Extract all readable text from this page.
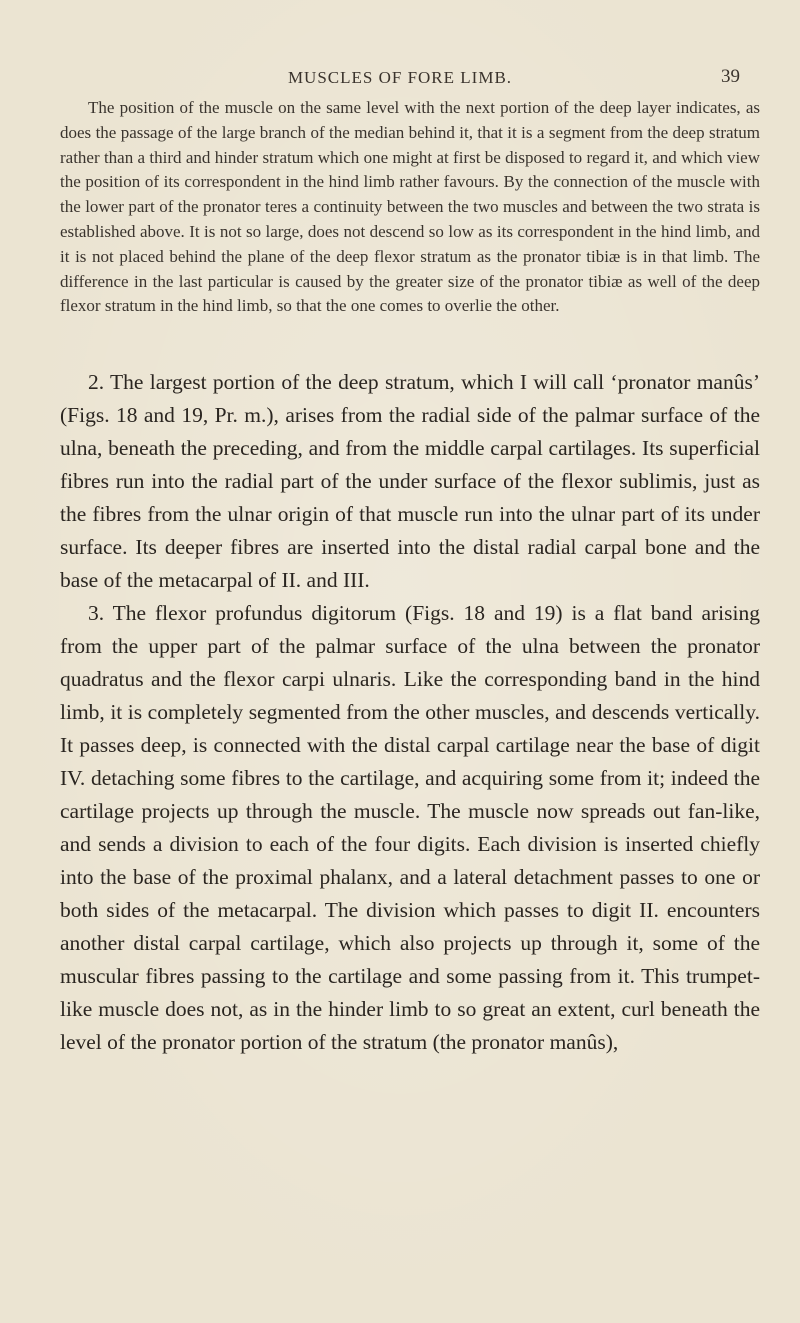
MUSCLES OF FORE LIMB.	39

The position of the muscle on the same level with the next portion of the deep layer indicates, as does the passage of the large branch of the median behind it, that it is a segment from the deep stratum rather than a third and hinder stratum which one might at first be disposed to regard it, and which view the position of its correspondent in the hind limb rather favours. By the connection of the muscle with the lower part of the pronator teres a continuity between the two muscles and between the two strata is established above. It is not so large, does not descend so low as its correspondent in the hind limb, and it is not placed behind the plane of the deep flexor stratum as the pronator tibiæ is in that limb. The difference in the last particular is caused by the greater size of the pronator tibiæ as well of the deep flexor stratum in the hind limb, so that the one comes to overlie the other.

2. The largest portion of the deep stratum, which I will call ‘pronator manûs’ (Figs. 18 and 19, Pr. m.), arises from the radial side of the palmar surface of the ulna, beneath the preceding, and from the middle carpal cartilages. Its superficial fibres run into the radial part of the under surface of the flexor sublimis, just as the fibres from the ulnar origin of that muscle run into the ulnar part of its under surface. Its deeper fibres are inserted into the distal radial carpal bone and the base of the metacarpal of II. and III.

3. The flexor profundus digitorum (Figs. 18 and 19) is a flat band arising from the upper part of the palmar surface of the ulna between the pronator quadratus and the flexor carpi ulnaris. Like the corresponding band in the hind limb, it is completely segmented from the other muscles, and descends vertically. It passes deep, is connected with the distal carpal cartilage near the base of digit IV. detaching some fibres to the cartilage, and acquiring some from it; indeed the cartilage projects up through the muscle. The muscle now spreads out fan-like, and sends a division to each of the four digits. Each division is inserted chiefly into the base of the proximal phalanx, and a lateral detachment passes to one or both sides of the metacarpal. The division which passes to digit II. encounters another distal carpal cartilage, which also projects up through it, some of the muscular fibres passing to the cartilage and some passing from it. This trumpet-like muscle does not, as in the hinder limb to so great an extent, curl beneath the level of the pronator portion of the stratum (the pronator manûs),
